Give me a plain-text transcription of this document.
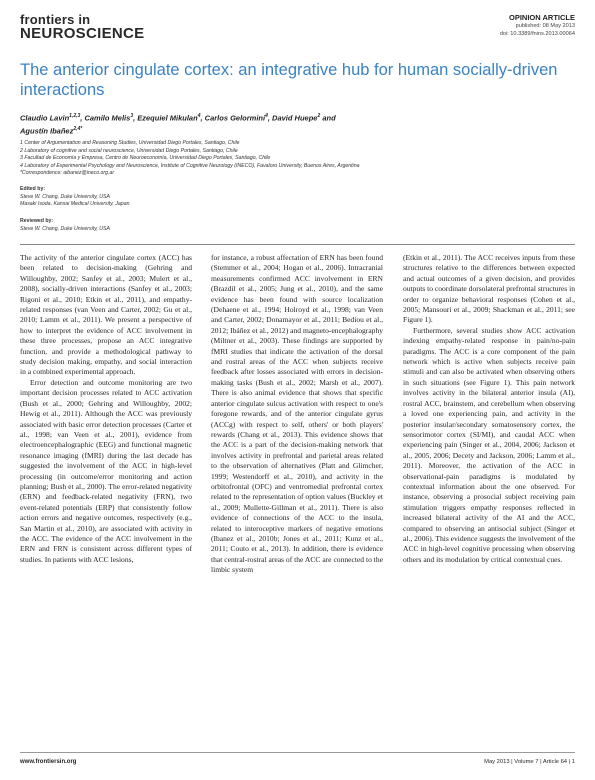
frontiers in
NEUROSCIENCE
OPINION ARTICLE
published: 08 May 2013
doi: 10.3389/fnins.2013.00064
The anterior cingulate cortex: an integrative hub for human socially-driven interactions
Claudio Lavin$^{1,2,3}$, Camilo Melis$^3$, Ezequiel Mikulan$^4$, Carlos Gelormini$^4$, David Huepe$^2$ and
Agustín Ibañez$^{2,4*}$
1 Center of Argumentation and Reasoning Studies, Universidad Diego Portales, Santiago, Chile
2 Laboratory of cognitive and social neuroscience, Universidad Diego Portales, Santiago, Chile
3 Facultad de Economía y Empresa, Centro de Neuroeconomía, Universidad Diego Portales, Santiago, Chile
4 Laboratory of Experimental Psychology and Neuroscience, Institute of Cognitive Neurology (INECO), Favaloro University, Buenos Aires, Argentina
*Correspondence: aibanez@ineco.org.ar
Edited by:
Steve W. Chang, Duke University, USA
Masaki Isoda, Kansai Medical University, Japan
Reviewed by:
Steve W. Chang, Duke University, USA

The activity of the anterior cingulate cortex (ACC) has been related to decision-making (Gehring and Willoughby, 2002; Sanfey et al., 2003; Mulert et al., 2008), socially-driven interactions (Sanfey et al., 2003; Rigoni et al., 2010; Etkin et al., 2011), and empathy-related responses (van Veen and Carter, 2002; Gu et al., 2010; Lamm et al., 2011). We present a perspective of how to interpret the evidence of ACC involvement in these three processes, propose an ACC integrative function, and provide a methodological pathway to study decision making, empathy, and social interaction in a combined experimental approach.

Error detection and outcome monitoring are two important decision processes related to ACC activation (Bush et al., 2000; Gehring and Willoughby, 2002; Hewig et al., 2011). Although the ACC was previously associated with basic error detection processes (Carter et al., 1998; van Veen et al., 2001), evidence from electroencephalographic (EEG) and functional magnetic resonance imaging (fMRI) during the last decade has suggested the involvement of the ACC in high-level processing (in outcome/error monitoring and action planning; Bush et al., 2000). The error-related negativity (ERN) and feedback-related negativity (FRN), two event-related potentials (ERP) that consistently follow action errors and negative outcomes, respectively (e.g., San Martin et al., 2010), are associated with activity in the ACC. The evidence of the ACC involvement in the ERN and FRN is consistent across different types of studies. In patients with ACC lesions,

for instance, a robust affectation of ERN has been found (Stemmer et al., 2004; Hogan et al., 2006). Intracranial measurements confirmed ACC involvement in ERN (Brazdil et al., 2005; Jung et al., 2010), and the same evidence has been found with source localization (Dehaene et al., 1994; Holroyd et al., 1998; van Veen and Carter, 2002; Donamayor et al., 2011; Bediou et al., 2012; Ibáñez et al., 2012) and magneto-encephalography (Miltner et al., 2003). These findings are supported by fMRI studies that indicate the activation of the dorsal and rostral areas of the ACC when subjects receive feedback after losses associated with errors in decision-making tasks (Bush et al., 2002; Marsh et al., 2007). There is also animal evidence that shows that specific anterior cingulate sulcus activation with respect to one's foregone rewards, and of the anterior cingulate gyrus (ACCg) with respect to self, others' or both players' rewards (Chang et al., 2013). This evidence shows that the ACC is a part of the decision-making network that involves activity in prefrontal and parietal areas related to the observation of alternatives (Platt and Glimcher, 1999; Westendorff et al., 2010), and activity in the orbitofrontal (OFC) and ventromedial prefrontal cortex related to the representation of option values (Buckley et al., 2009; Mullette-Gillman et al., 2011). There is also evidence of connections of the ACC to the insula, related to interoceptive markers of negative emotions (Ibanez et al., 2010b; Jones et al., 2011; Kunz et al., 2011; Couto et al., 2013). In addition, there is evidence that central-rostral areas of the ACC are connected to the limbic system

(Etkin et al., 2011). The ACC receives inputs from these structures relative to the differences between expected and actual outcomes of a given decision, and provides outputs to coordinate dorsolateral prefrontal structures in order to organize behavioral responses (Cohen et al., 2005; Mansouri et al., 2009; Shackman et al., 2011; see Figure 1).

Furthermore, several studies show ACC activation indexing empathy-related response in pain/no-pain paradigms. The ACC is a core component of the pain network which is active when subjects receive pain stimuli and can also be activated when observing others in such situations (see Figure 1). This pain network involves activity in the bilateral anterior insula (AI), rostral ACC, brainstem, and cerebellum when observing a loved one experiencing pain, and activity in the posterior insular/secondary somatosensory cortex, the sensorimotor cortex (SI/MI), and caudal ACC when experiencing pain (Singer et al., 2004, 2006; Jackson et al., 2005, 2006; Decety and Jackson, 2006; Lamm et al., 2011). Moreover, the activation of the ACC in observational-pain paradigms is modulated by contextual information about the one observed. For instance, observing a prosocial subject receiving pain stimulation triggers empathy responses reflected in increased bilateral activity of the AI and the ACC, compared to observing an antisocial subject (Singer et al., 2006). This evidence suggests the involvement of the ACC in high-level cognitive processing when observing others and its modulation by critical contextual cues.

www.frontiersin.org	May 2013 | Volume 7 | Article 64 | 1
